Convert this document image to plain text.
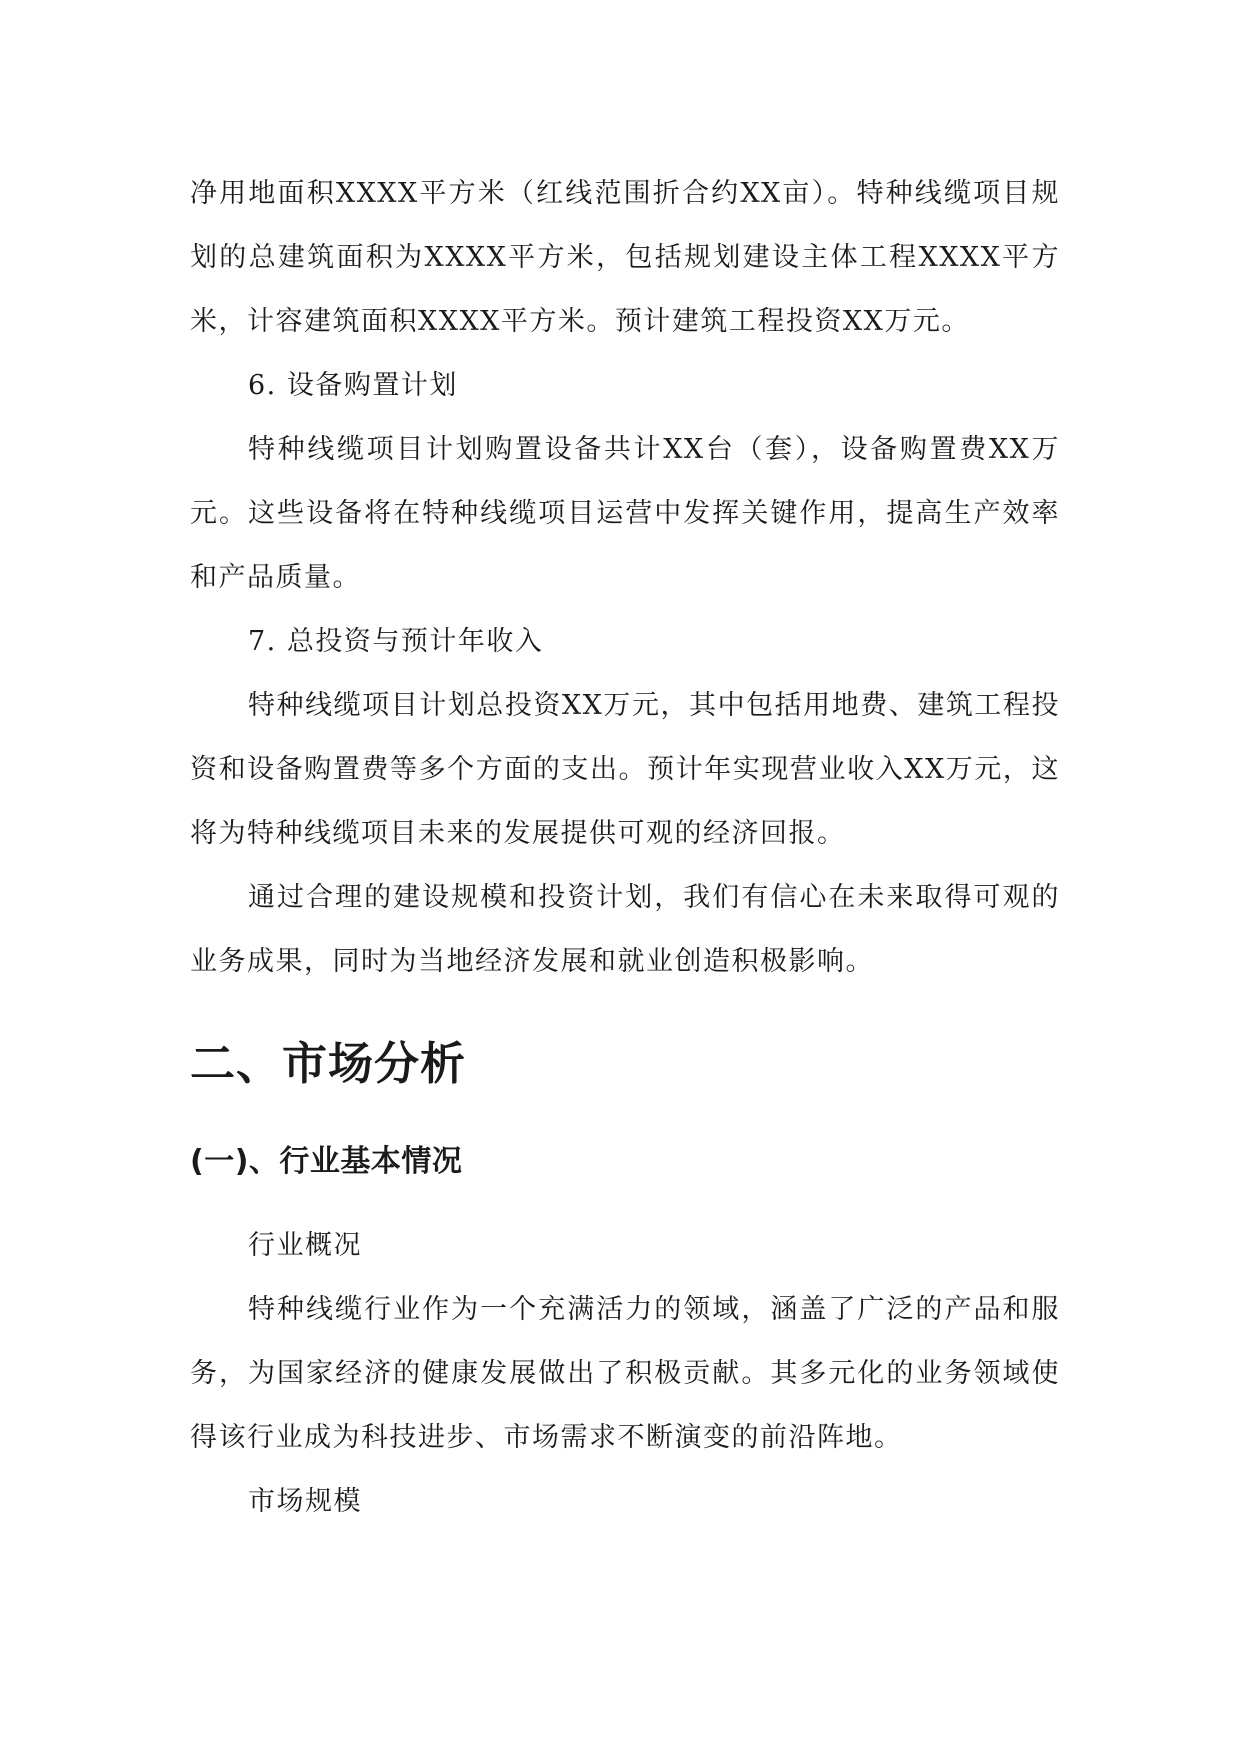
净用地面积XXXX平方米（红线范围折合约XX亩）。特种线缆项目规划的总建筑面积为XXXX平方米，包括规划建设主体工程XXXX平方米，计容建筑面积XXXX平方米。预计建筑工程投资XX万元。

6. 设备购置计划

特种线缆项目计划购置设备共计XX台（套），设备购置费XX万元。这些设备将在特种线缆项目运营中发挥关键作用，提高生产效率和产品质量。

7. 总投资与预计年收入

特种线缆项目计划总投资XX万元，其中包括用地费、建筑工程投资和设备购置费等多个方面的支出。预计年实现营业收入XX万元，这将为特种线缆项目未来的发展提供可观的经济回报。

通过合理的建设规模和投资计划，我们有信心在未来取得可观的业务成果，同时为当地经济发展和就业创造积极影响。

二、市场分析
(一)、行业基本情况

行业概况

特种线缆行业作为一个充满活力的领域，涵盖了广泛的产品和服务，为国家经济的健康发展做出了积极贡献。其多元化的业务领域使得该行业成为科技进步、市场需求不断演变的前沿阵地。

市场规模
